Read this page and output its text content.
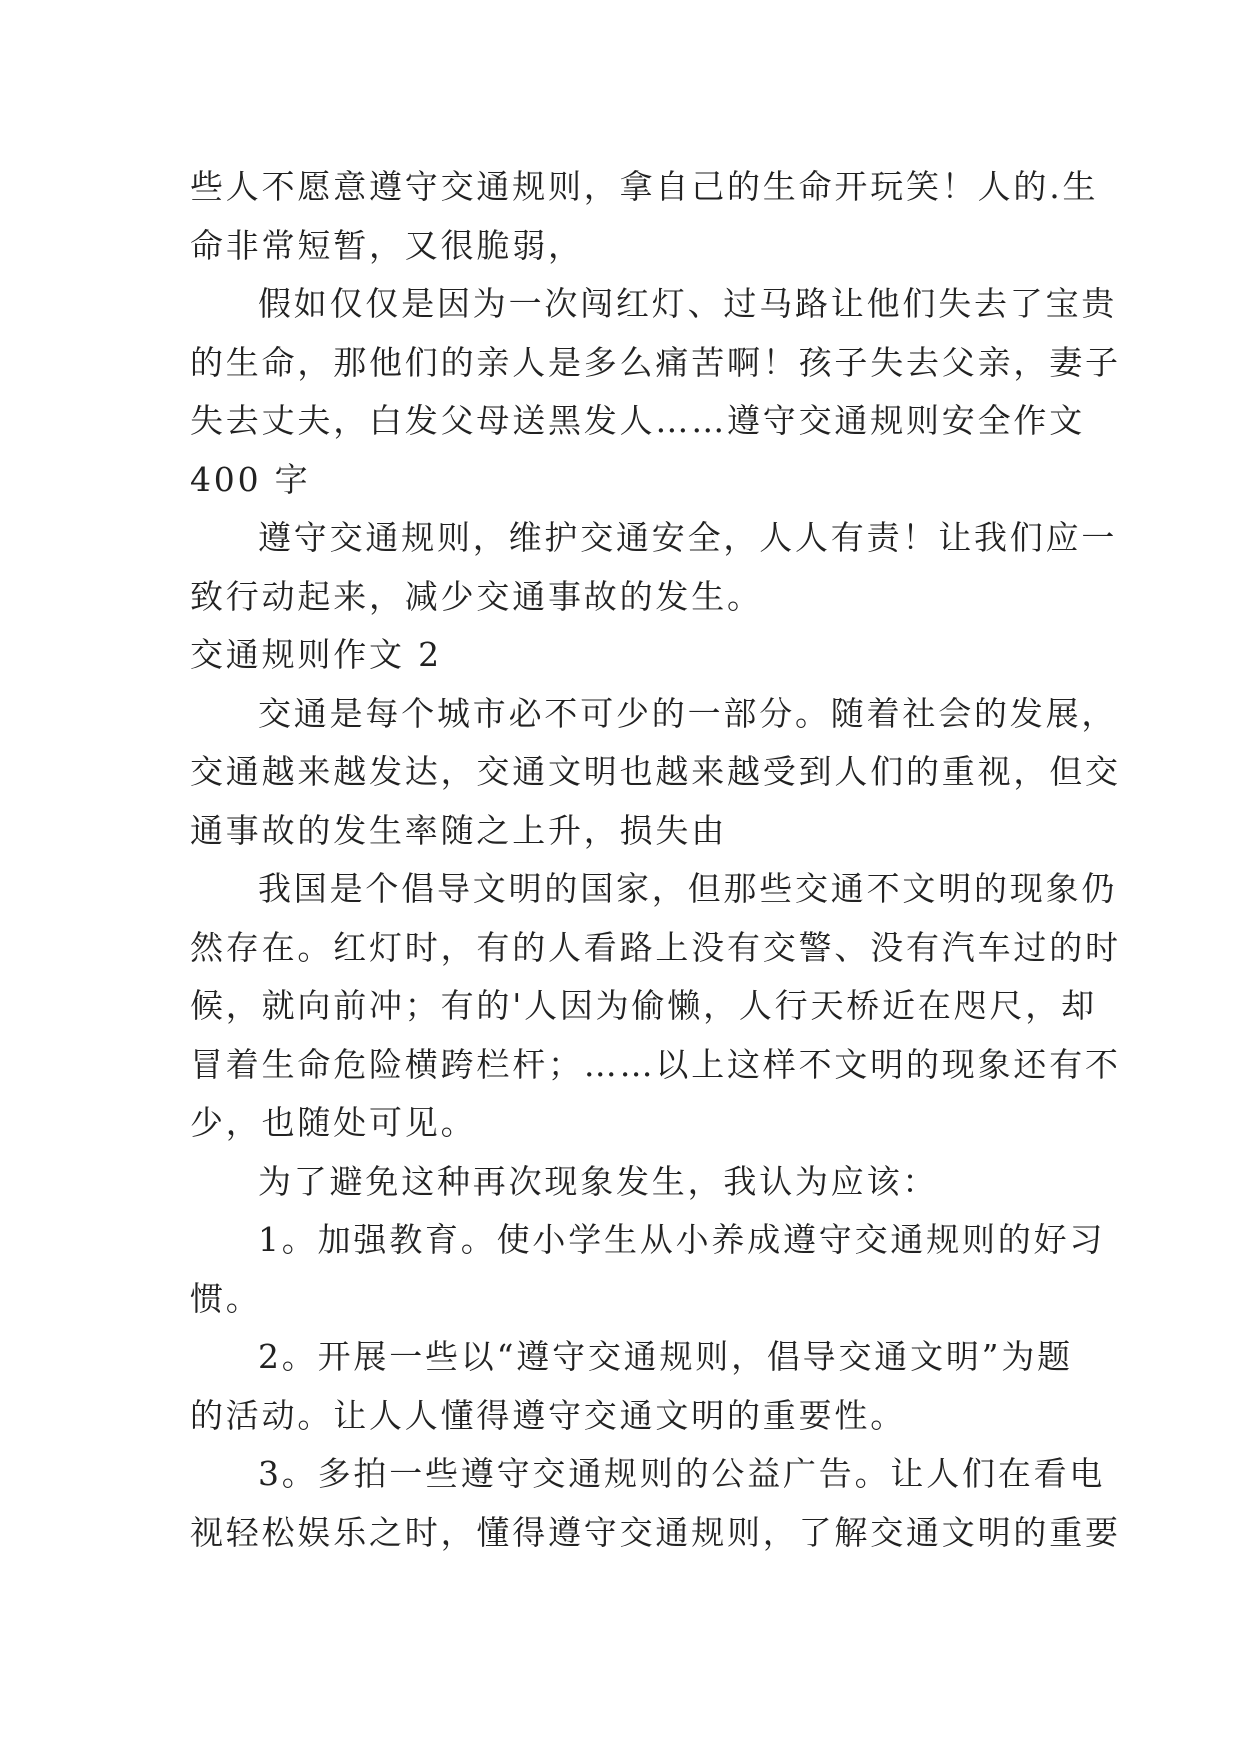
些人不愿意遵守交通规则，拿自己的生命开玩笑！人的.生
命非常短暂，又很脆弱，
假如仅仅是因为一次闯红灯、过马路让他们失去了宝贵
的生命，那他们的亲人是多么痛苦啊！孩子失去父亲，妻子
失去丈夫，白发父母送黑发人……遵守交通规则安全作文
400 字
遵守交通规则，维护交通安全，人人有责！让我们应一
致行动起来，减少交通事故的发生。
交通规则作文 2
交通是每个城市必不可少的一部分。随着社会的发展，
交通越来越发达，交通文明也越来越受到人们的重视，但交
通事故的发生率随之上升，损失由
我国是个倡导文明的国家，但那些交通不文明的现象仍
然存在。红灯时，有的人看路上没有交警、没有汽车过的时
候，就向前冲；有的'人因为偷懒，人行天桥近在咫尺，却
冒着生命危险横跨栏杆；……以上这样不文明的现象还有不
少，也随处可见。
为了避免这种再次现象发生，我认为应该：
1。加强教育。使小学生从小养成遵守交通规则的好习
惯。
2。开展一些以“遵守交通规则，倡导交通文明”为题
的活动。让人人懂得遵守交通文明的重要性。
3。多拍一些遵守交通规则的公益广告。让人们在看电
视轻松娱乐之时，懂得遵守交通规则，了解交通文明的重要
